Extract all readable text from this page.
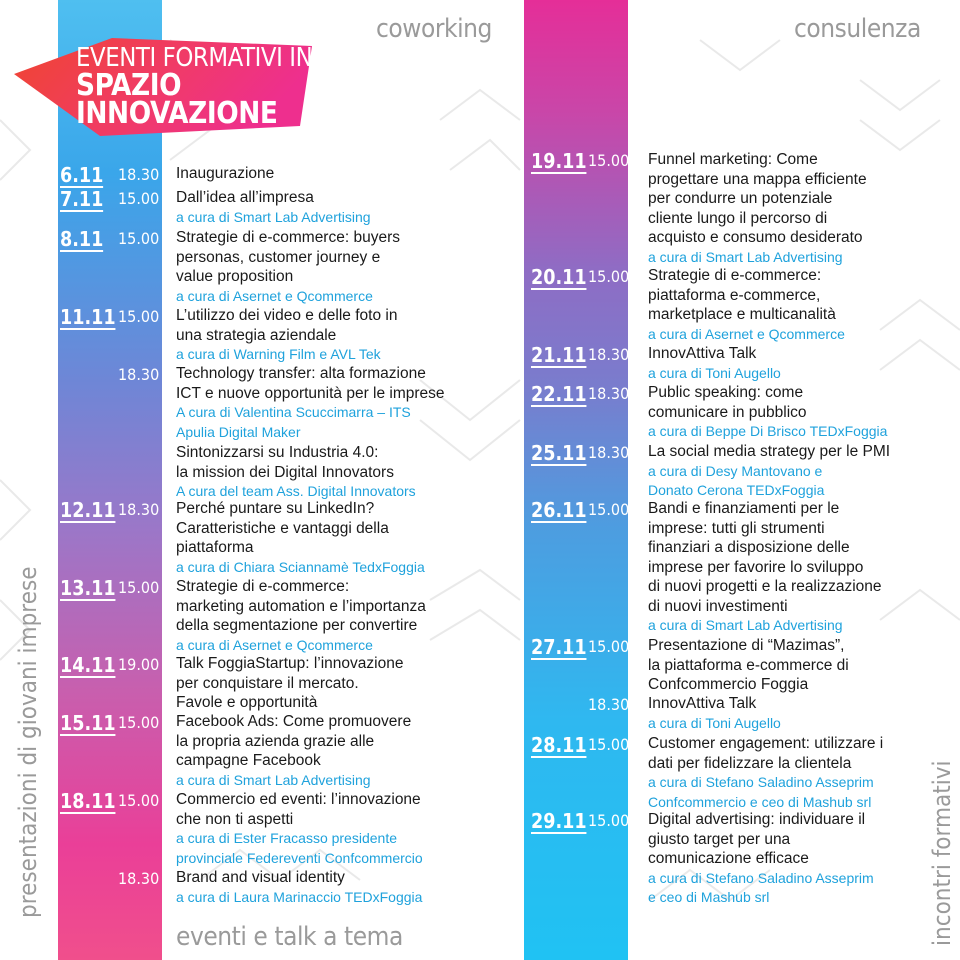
EVENTI FORMATIVI IN
SPAZIO
INNOVAZIONE
coworking	consulenza
eventi e talk a tema
presentazioni di giovani imprese	incontri formativi
6.11 18.30 Inaugurazione
7.11 15.00 Dall’idea all’impresa
a cura di Smart Lab Advertising
8.11 15.00 Strategie di e-commerce: buyers
personas, customer journey e
value proposition
a cura di Asernet e Qcommerce
11.11 15.00 L’utilizzo dei video e delle foto in
una strategia aziendale
a cura di Warning Film e AVL Tek
18.30 Technology transfer: alta formazione
ICT e nuove opportunità per le imprese
A cura di Valentina Scuccimarra – ITS
Apulia Digital Maker
Sintonizzarsi su Industria 4.0:
la mission dei Digital Innovators
A cura del team Ass. Digital Innovators
12.11 18.30 Perché puntare su LinkedIn?
Caratteristiche e vantaggi della
piattaforma
a cura di Chiara Sciannamè TedxFoggia
13.11 15.00 Strategie di e-commerce:
marketing automation e l’importanza
della segmentazione per convertire
a cura di Asernet e Qcommerce
14.11 19.00 Talk FoggiaStartup: l’innovazione
per conquistare il mercato.
Favole e opportunità
15.11 15.00 Facebook Ads: Come promuovere
la propria azienda grazie alle
campagne Facebook
a cura di Smart Lab Advertising
18.11 15.00 Commercio ed eventi: l’innovazione
che non ti aspetti
a cura di Ester Fracasso presidente
provinciale Federeventi Confcommercio
18.30 Brand and visual identity
a cura di Laura Marinaccio TEDxFoggia
19.11 15.00 Funnel marketing: Come
progettare una mappa efficiente
per condurre un potenziale
cliente lungo il percorso di
acquisto e consumo desiderato
a cura di Smart Lab Advertising
20.11 15.00 Strategie di e-commerce:
piattaforma e-commerce,
marketplace e multicanalità
a cura di Asernet e Qcommerce
21.11 18.30 InnovAttiva Talk
a cura di Toni Augello
22.11 18.30 Public speaking: come
comunicare in pubblico
a cura di Beppe Di Brisco TEDxFoggia
25.11 18.30 La social media strategy per le PMI
a cura di Desy Mantovano e
Donato Cerona TEDxFoggia
26.11 15.00 Bandi e finanziamenti per le
imprese: tutti gli strumenti
finanziari a disposizione delle
imprese per favorire lo sviluppo
di nuovi progetti e la realizzazione
di nuovi investimenti
a cura di Smart Lab Advertising
27.11 15.00 Presentazione di “Mazimas”,
la piattaforma e-commerce di
Confcommercio Foggia
18.30 InnovAttiva Talk
a cura di Toni Augello
28.11 15.00 Customer engagement: utilizzare i
dati per fidelizzare la clientela
a cura di Stefano Saladino Asseprim
Confcommercio e ceo di Mashub srl
29.11 15.00 Digital advertising: individuare il
giusto target per una
comunicazione efficace
a cura di Stefano Saladino Asseprim
e ceo di Mashub srl
